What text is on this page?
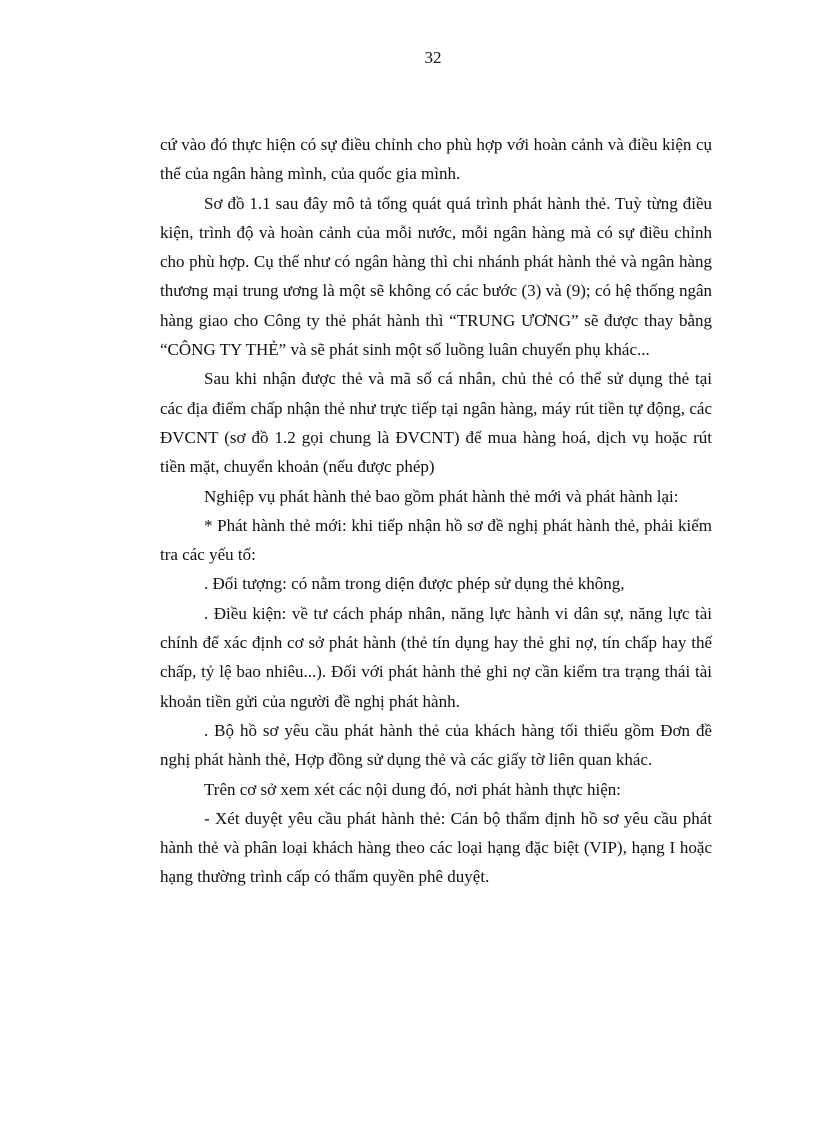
32

cứ vào đó thực hiện có sự điều chỉnh cho phù hợp với hoàn cảnh và điều kiện cụ thể của ngân hàng mình, của quốc gia mình.

Sơ đồ 1.1 sau đây mô tả tổng quát quá trình phát hành thẻ. Tuỳ từng điều kiện, trình độ và hoàn cảnh của mỗi nước, mỗi ngân hàng mà có sự điều chỉnh cho phù hợp. Cụ thể như có ngân hàng thì chi nhánh phát hành thẻ và ngân hàng thương mại trung ương là một sẽ không có các bước (3) và (9); có hệ thống ngân hàng giao cho Công ty thẻ phát hành thì “TRUNG ƯƠNG” sẽ được thay bằng “CÔNG TY THẺ” và sẽ phát sinh một số luồng luân chuyển phụ khác...

Sau khi nhận được thẻ và mã số cá nhân, chủ thẻ có thể sử dụng thẻ tại các địa điểm chấp nhận thẻ như trực tiếp tại ngân hàng, máy rút tiền tự động, các ĐVCNT (sơ đồ 1.2 gọi chung là ĐVCNT) để mua hàng hoá, dịch vụ hoặc rút tiền mặt, chuyển khoản (nếu được phép)

Nghiệp vụ phát hành thẻ bao gồm phát hành thẻ mới và phát hành lại:

* Phát hành thẻ mới: khi tiếp nhận hồ sơ đề nghị phát hành thẻ, phải kiểm tra các yếu tố:

. Đối tượng: có nằm trong diện được phép sử dụng thẻ không,

. Điều kiện: về tư cách pháp nhân, năng lực hành vi dân sự, năng lực tài chính để xác định cơ sở phát hành (thẻ tín dụng hay thẻ ghi nợ, tín chấp hay thế chấp, tỷ lệ bao nhiêu...). Đối với phát hành thẻ ghi nợ cần kiểm tra trạng thái tài khoản tiền gửi của người đề nghị phát hành.

. Bộ hồ sơ yêu cầu phát hành thẻ của khách hàng tối thiểu gồm Đơn đề nghị phát hành thẻ, Hợp đồng sử dụng thẻ và các giấy tờ liên quan khác.

Trên cơ sở xem xét các nội dung đó, nơi phát hành thực hiện:

- Xét duyệt yêu cầu phát hành thẻ: Cán bộ thẩm định hồ sơ yêu cầu phát hành thẻ và phân loại khách hàng theo các loại hạng đặc biệt (VIP), hạng I hoặc hạng thường trình cấp có thẩm quyền phê duyệt.
